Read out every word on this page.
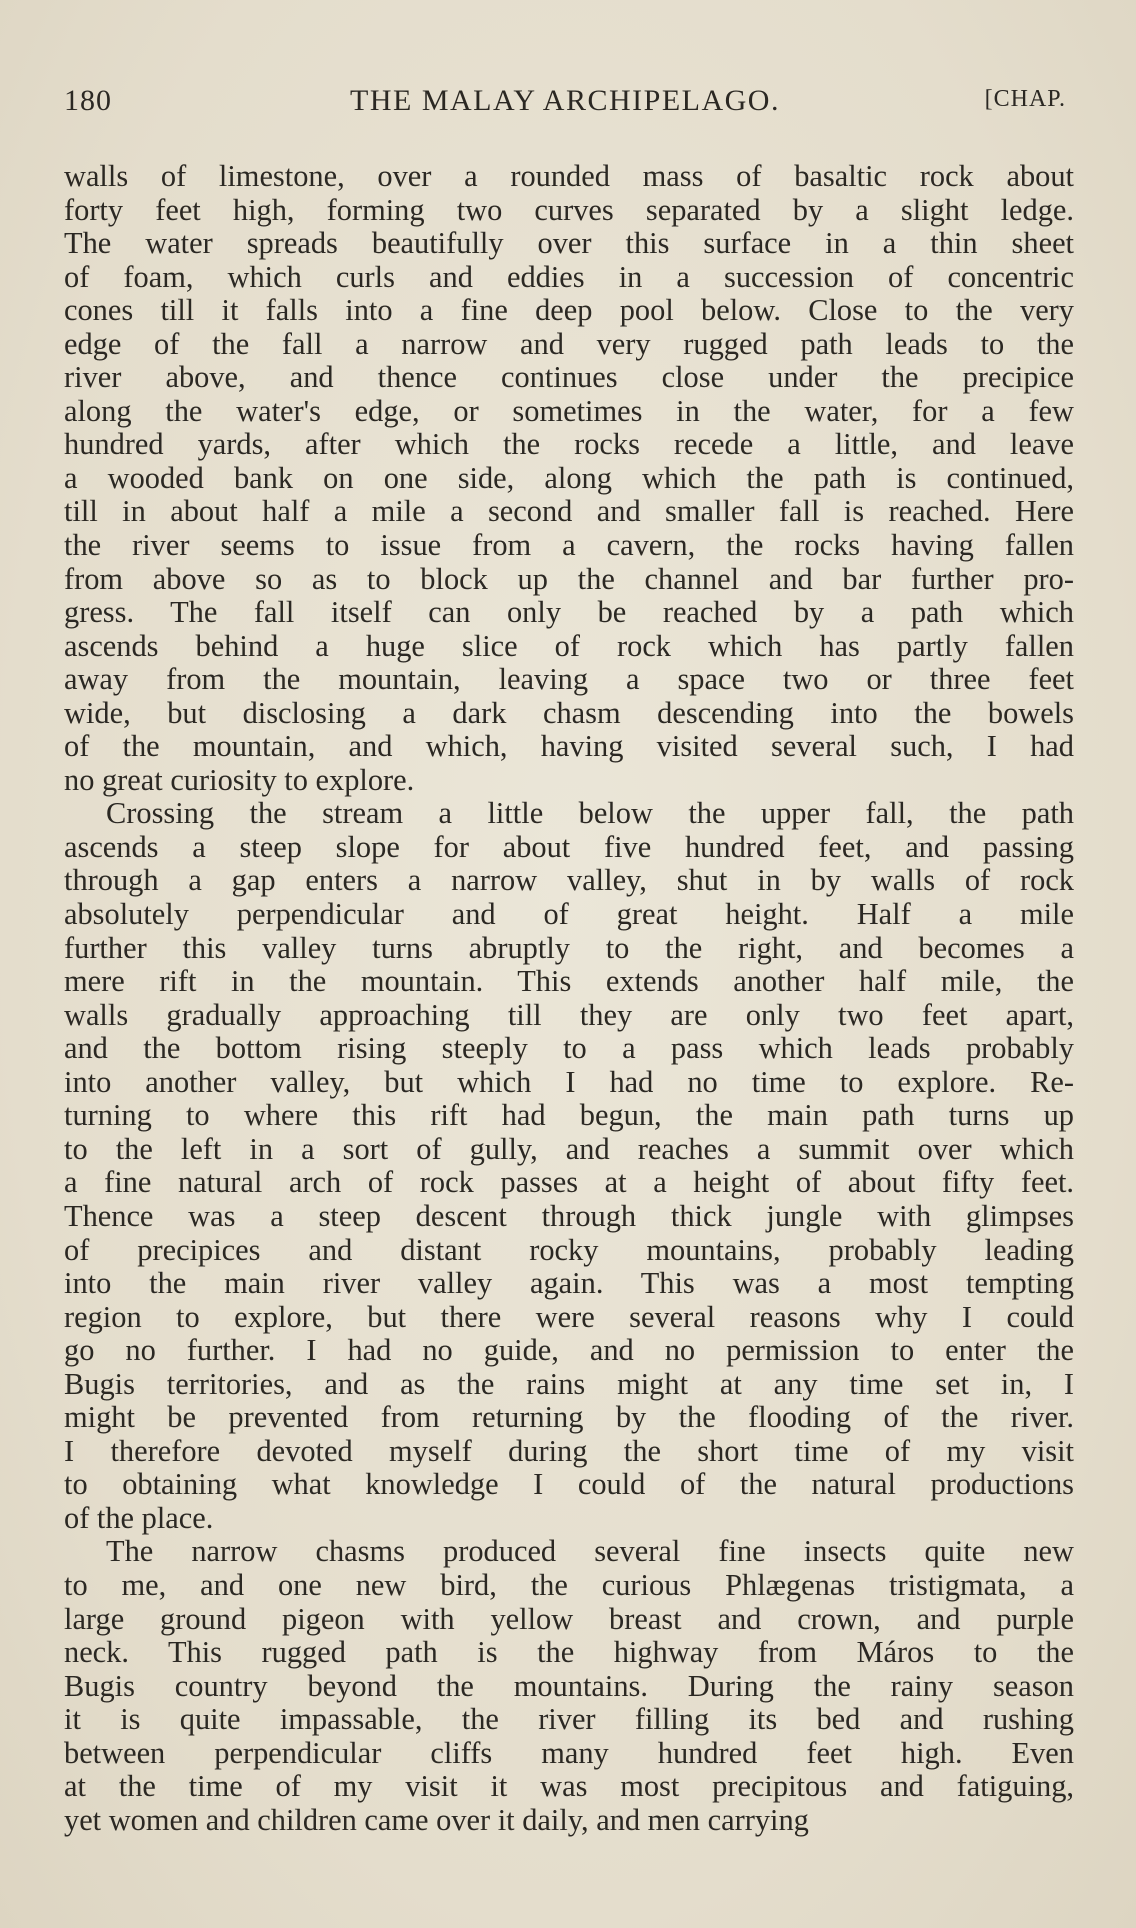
180	THE MALAY ARCHIPELAGO.	[CHAP.
walls of limestone, over a rounded mass of basaltic rock about
forty feet high, forming two curves separated by a slight ledge.
The water spreads beautifully over this surface in a thin sheet
of foam, which curls and eddies in a succession of concentric
cones till it falls into a fine deep pool below. Close to the very
edge of the fall a narrow and very rugged path leads to the
river above, and thence continues close under the precipice
along the water's edge, or sometimes in the water, for a few
hundred yards, after which the rocks recede a little, and leave
a wooded bank on one side, along which the path is continued,
till in about half a mile a second and smaller fall is reached. Here
the river seems to issue from a cavern, the rocks having fallen
from above so as to block up the channel and bar further pro-
gress. The fall itself can only be reached by a path which
ascends behind a huge slice of rock which has partly fallen
away from the mountain, leaving a space two or three feet
wide, but disclosing a dark chasm descending into the bowels
of the mountain, and which, having visited several such, I had
no great curiosity to explore.
Crossing the stream a little below the upper fall, the path
ascends a steep slope for about five hundred feet, and passing
through a gap enters a narrow valley, shut in by walls of rock
absolutely perpendicular and of great height. Half a mile
further this valley turns abruptly to the right, and becomes a
mere rift in the mountain. This extends another half mile, the
walls gradually approaching till they are only two feet apart,
and the bottom rising steeply to a pass which leads probably
into another valley, but which I had no time to explore. Re-
turning to where this rift had begun, the main path turns up
to the left in a sort of gully, and reaches a summit over which
a fine natural arch of rock passes at a height of about fifty feet.
Thence was a steep descent through thick jungle with glimpses
of precipices and distant rocky mountains, probably leading
into the main river valley again. This was a most tempting
region to explore, but there were several reasons why I could
go no further. I had no guide, and no permission to enter the
Bugis territories, and as the rains might at any time set in, I
might be prevented from returning by the flooding of the river.
I therefore devoted myself during the short time of my visit
to obtaining what knowledge I could of the natural productions
of the place.
The narrow chasms produced several fine insects quite new
to me, and one new bird, the curious Phlægenas tristigmata, a
large ground pigeon with yellow breast and crown, and purple
neck. This rugged path is the highway from Máros to the
Bugis country beyond the mountains. During the rainy season
it is quite impassable, the river filling its bed and rushing
between perpendicular cliffs many hundred feet high. Even
at the time of my visit it was most precipitous and fatiguing,
yet women and children came over it daily, and men carrying
